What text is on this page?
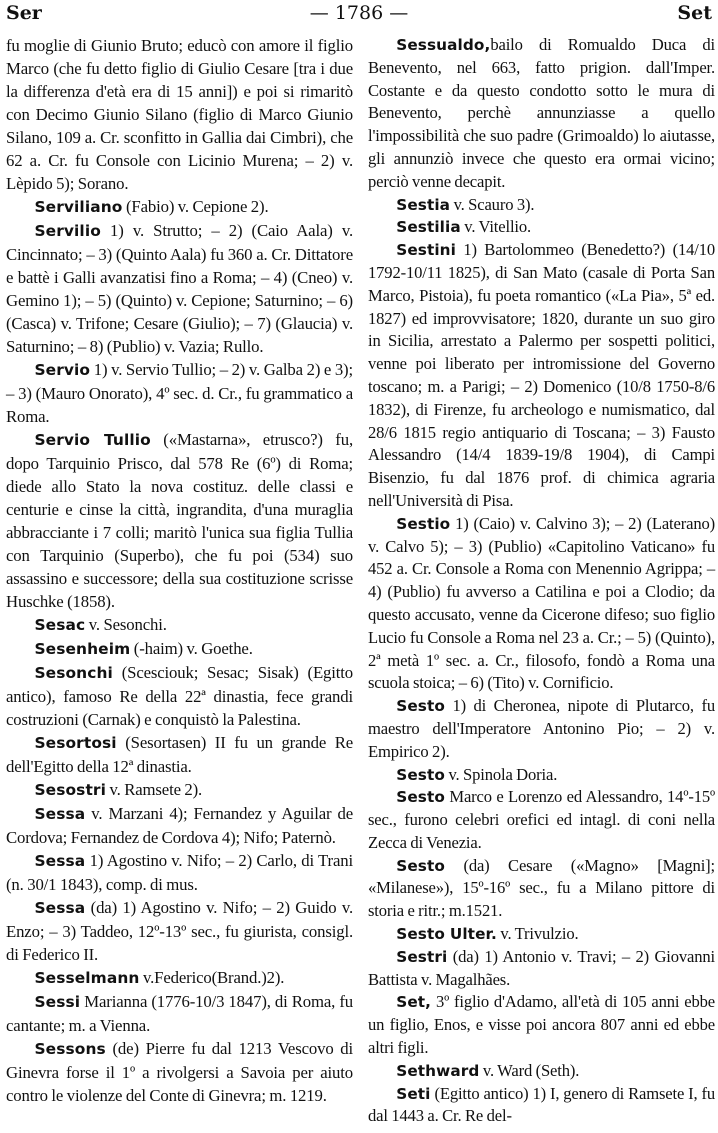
Ser	— 1786 —	Set

fu moglie di Giunio Bruto; educò con amore il figlio Marco (che fu detto figlio di Giulio Cesare [tra i due la differenza d'età era di 15 anni]) e poi si rimaritò con Decimo Giunio Silano (figlio di Marco Giunio Silano, 109 a. Cr. sconfitto in Gallia dai Cimbri), che 62 a. Cr. fu Console con Licinio Murena; – 2) v. Lèpido 5); Sorano.

Serviliano (Fabio) v. Cepione 2).

Servilio 1) v. Strutto; – 2) (Caio Aala) v. Cincinnato; – 3) (Quinto Aala) fu 360 a. Cr. Dittatore e battè i Galli avanzatisi fino a Roma; – 4) (Cneo) v. Gemino 1); – 5) (Quinto) v. Cepione; Saturnino; – 6) (Casca) v. Trifone; Cesare (Giulio); – 7) (Glaucia) v. Saturnino; – 8) (Publio) v. Vazia; Rullo.

Servio 1) v. Servio Tullio; – 2) v. Galba 2) e 3); – 3) (Mauro Onorato), 4º sec. d. Cr., fu grammatico a Roma.

Servio Tullio («Mastarna», etrusco?) fu, dopo Tarquinio Prisco, dal 578 Re (6º) di Roma; diede allo Stato la nova costituz. delle classi e centurie e cinse la città, ingrandita, d'una muraglia abbracciante i 7 colli; maritò l'unica sua figlia Tullia con Tarquinio (Superbo), che fu poi (534) suo assassino e successore; della sua costituzione scrisse Huschke (1858).

Sesac v. Sesonchi.

Sesenheim (-haim) v. Goethe.

Sesonchi (Scesciouk; Sesac; Sisak) (Egitto antico), famoso Re della 22ª dinastia, fece grandi costruzioni (Carnak) e conquistò la Palestina.

Sesortosi (Sesortasen) II fu un grande Re dell'Egitto della 12ª dinastia.

Sesostri v. Ramsete 2).

Sessa v. Marzani 4); Fernandez y Aguilar de Cordova; Fernandez de Cordova 4); Nifo; Paternò.

Sessa 1) Agostino v. Nifo; – 2) Carlo, di Trani (n. 30/1 1843), comp. di mus.

Sessa (da) 1) Agostino v. Nifo; – 2) Guido v. Enzo; – 3) Taddeo, 12º-13º sec., fu giurista, consigl. di Federico II.

Sesselmann v.Federico(Brand.)2).

Sessi Marianna (1776-10/3 1847), di Roma, fu cantante; m. a Vienna.

Sessons (de) Pierre fu dal 1213 Vescovo di Ginevra forse il 1º a rivolgersi a Savoia per aiuto contro le violenze del Conte di Ginevra; m. 1219.

Sessualdo,bailo di Romualdo Duca di Benevento, nel 663, fatto prigion. dall'Imper. Costante e da questo condotto sotto le mura di Benevento, perchè annunziasse a quello l'impossibilità che suo padre (Grimoaldo) lo aiutasse, gli annunziò invece che questo era ormai vicino; perciò venne decapit.

Sestia v. Scauro 3).

Sestilia v. Vitellio.

Sestini 1) Bartolommeo (Benedetto?) (14/10 1792-10/11 1825), di San Mato (casale di Porta San Marco, Pistoia), fu poeta romantico («La Pia», 5ª ed. 1827) ed improvvisatore; 1820, durante un suo giro in Sicilia, arrestato a Palermo per sospetti politici, venne poi liberato per intromissione del Governo toscano; m. a Parigi; – 2) Domenico (10/8 1750-8/6 1832), di Firenze, fu archeologo e numismatico, dal 28/6 1815 regio antiquario di Toscana; – 3) Fausto Alessandro (14/4 1839-19/8 1904), di Campi Bisenzio, fu dal 1876 prof. di chimica agraria nell'Università di Pisa.

Sestio 1) (Caio) v. Calvino 3); – 2) (Laterano) v. Calvo 5); – 3) (Publio) «Capitolino Vaticano» fu 452 a. Cr. Console a Roma con Menennio Agrippa; – 4) (Publio) fu avverso a Catilina e poi a Clodio; da questo accusato, venne da Cicerone difeso; suo figlio Lucio fu Console a Roma nel 23 a. Cr.; – 5) (Quinto), 2ª metà 1º sec. a. Cr., filosofo, fondò a Roma una scuola stoica; – 6) (Tito) v. Cornificio.

Sesto 1) di Cheronea, nipote di Plutarco, fu maestro dell'Imperatore Antonino Pio; – 2) v. Empirico 2).

Sesto v. Spinola Doria.

Sesto Marco e Lorenzo ed Alessandro, 14º-15º sec., furono celebri orefici ed intagl. di coni nella Zecca di Venezia.

Sesto (da) Cesare («Magno» [Magni]; «Milanese»), 15º-16º sec., fu a Milano pittore di storia e ritr.; m.1521.

Sesto Ulter. v. Trivulzio.

Sestri (da) 1) Antonio v. Travi; – 2) Giovanni Battista v. Magalhães.

Set, 3º figlio d'Adamo, all'età di 105 anni ebbe un figlio, Enos, e visse poi ancora 807 anni ed ebbe altri figli.

Sethward v. Ward (Seth).

Seti (Egitto antico) 1) I, genero di Ramsete I, fu dal 1443 a. Cr. Re del-
